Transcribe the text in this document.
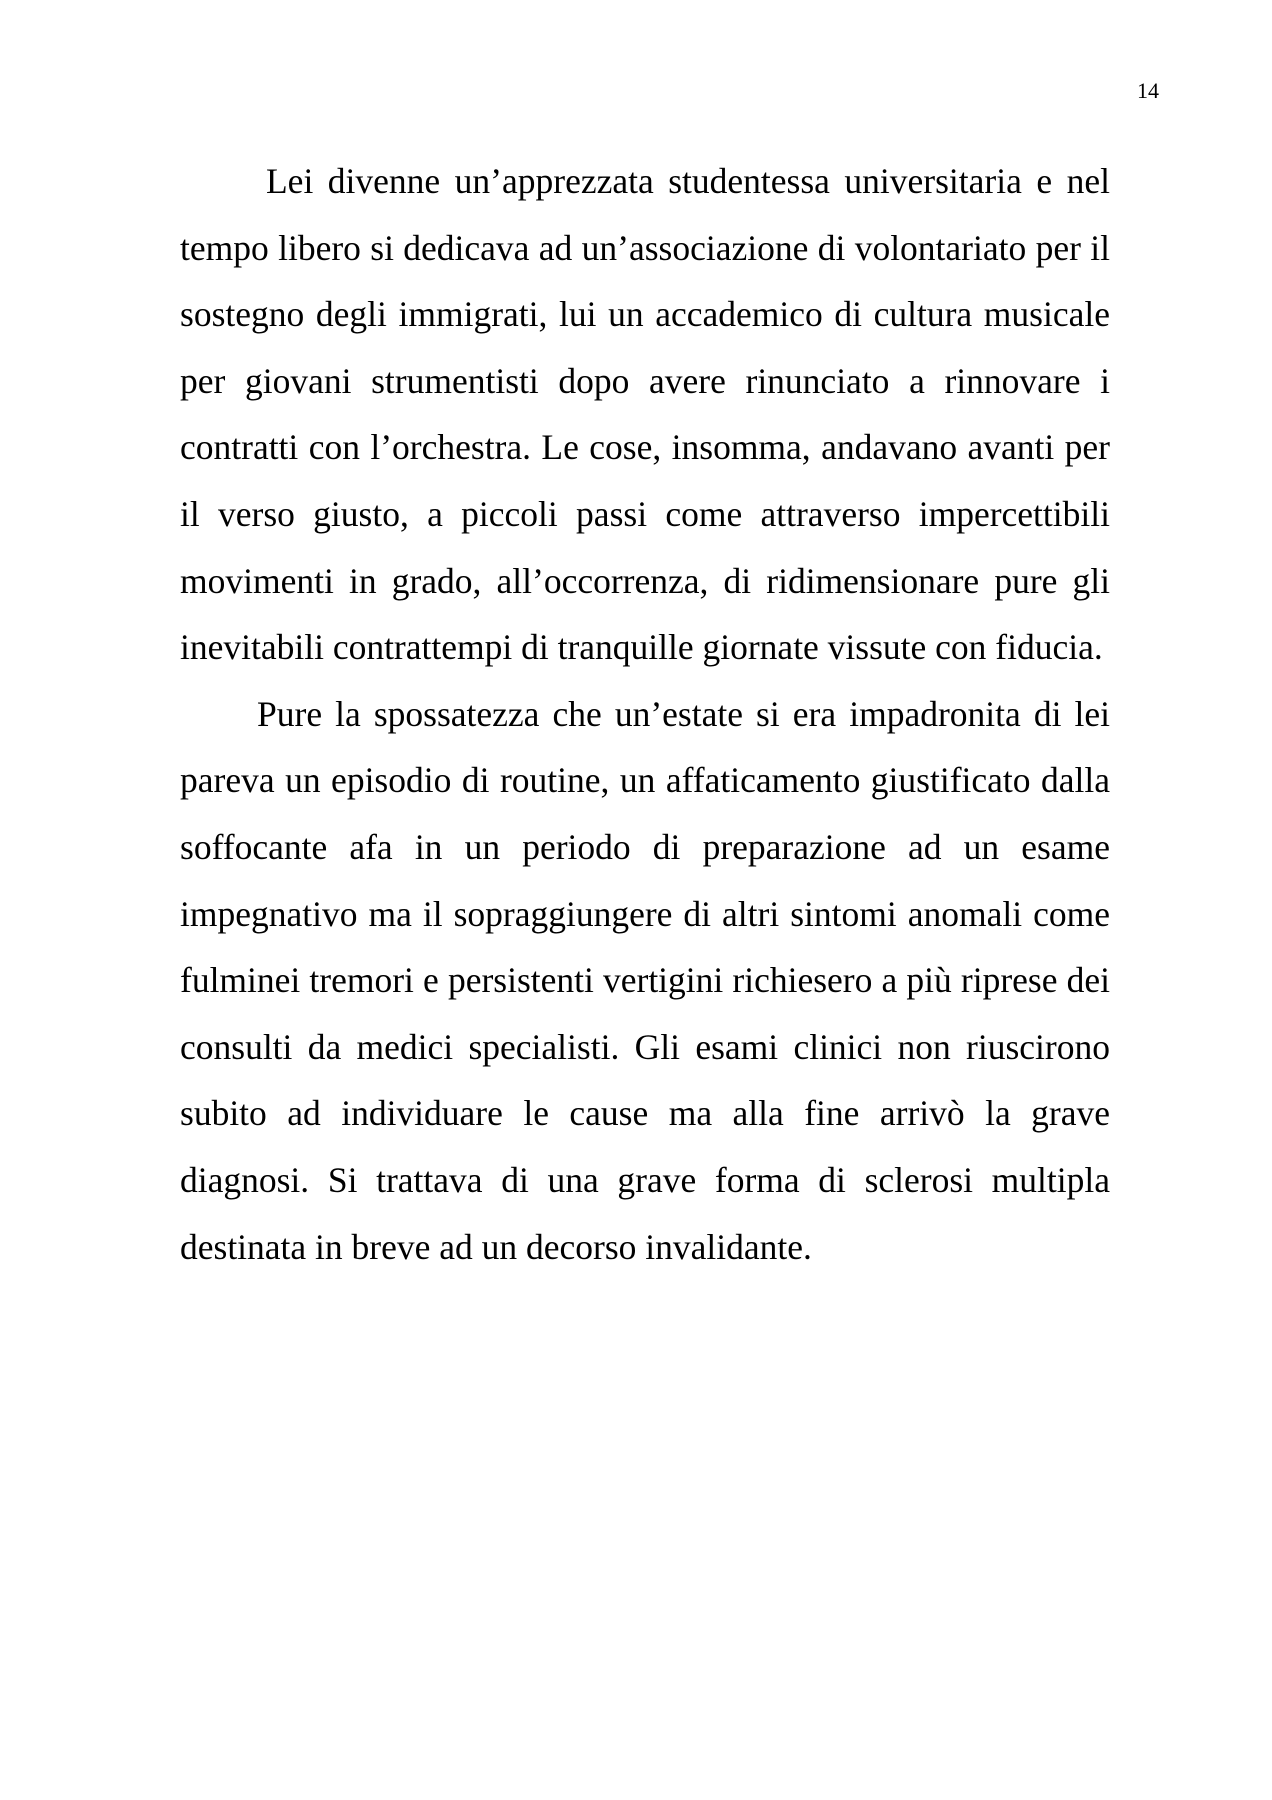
14

Lei divenne un’apprezzata studentessa universitaria e nel tempo libero si dedicava ad un’associazione di volontariato per il sostegno degli immigrati, lui un accademico di cultura musicale per giovani strumentisti dopo avere rinunciato a rinnovare i contratti con l’orchestra. Le cose, insomma, andavano avanti per il verso giusto, a piccoli passi come attraverso impercettibili movimenti in grado, all’occorrenza, di ridimensionare pure gli inevitabili contrattempi di tranquille giornate vissute con fiducia.

Pure la spossatezza che un’estate si era impadronita di lei pareva un episodio di routine, un affaticamento giustificato dalla soffocante afa in un periodo di preparazione ad un esame impegnativo ma il sopraggiungere di altri sintomi anomali come fulminei tremori e persistenti vertigini richiesero a più riprese dei consulti da medici specialisti. Gli esami clinici non riuscirono subito ad individuare le cause ma alla fine arrivò la grave diagnosi. Si trattava di una grave forma di sclerosi multipla destinata in breve ad un decorso invalidante.
